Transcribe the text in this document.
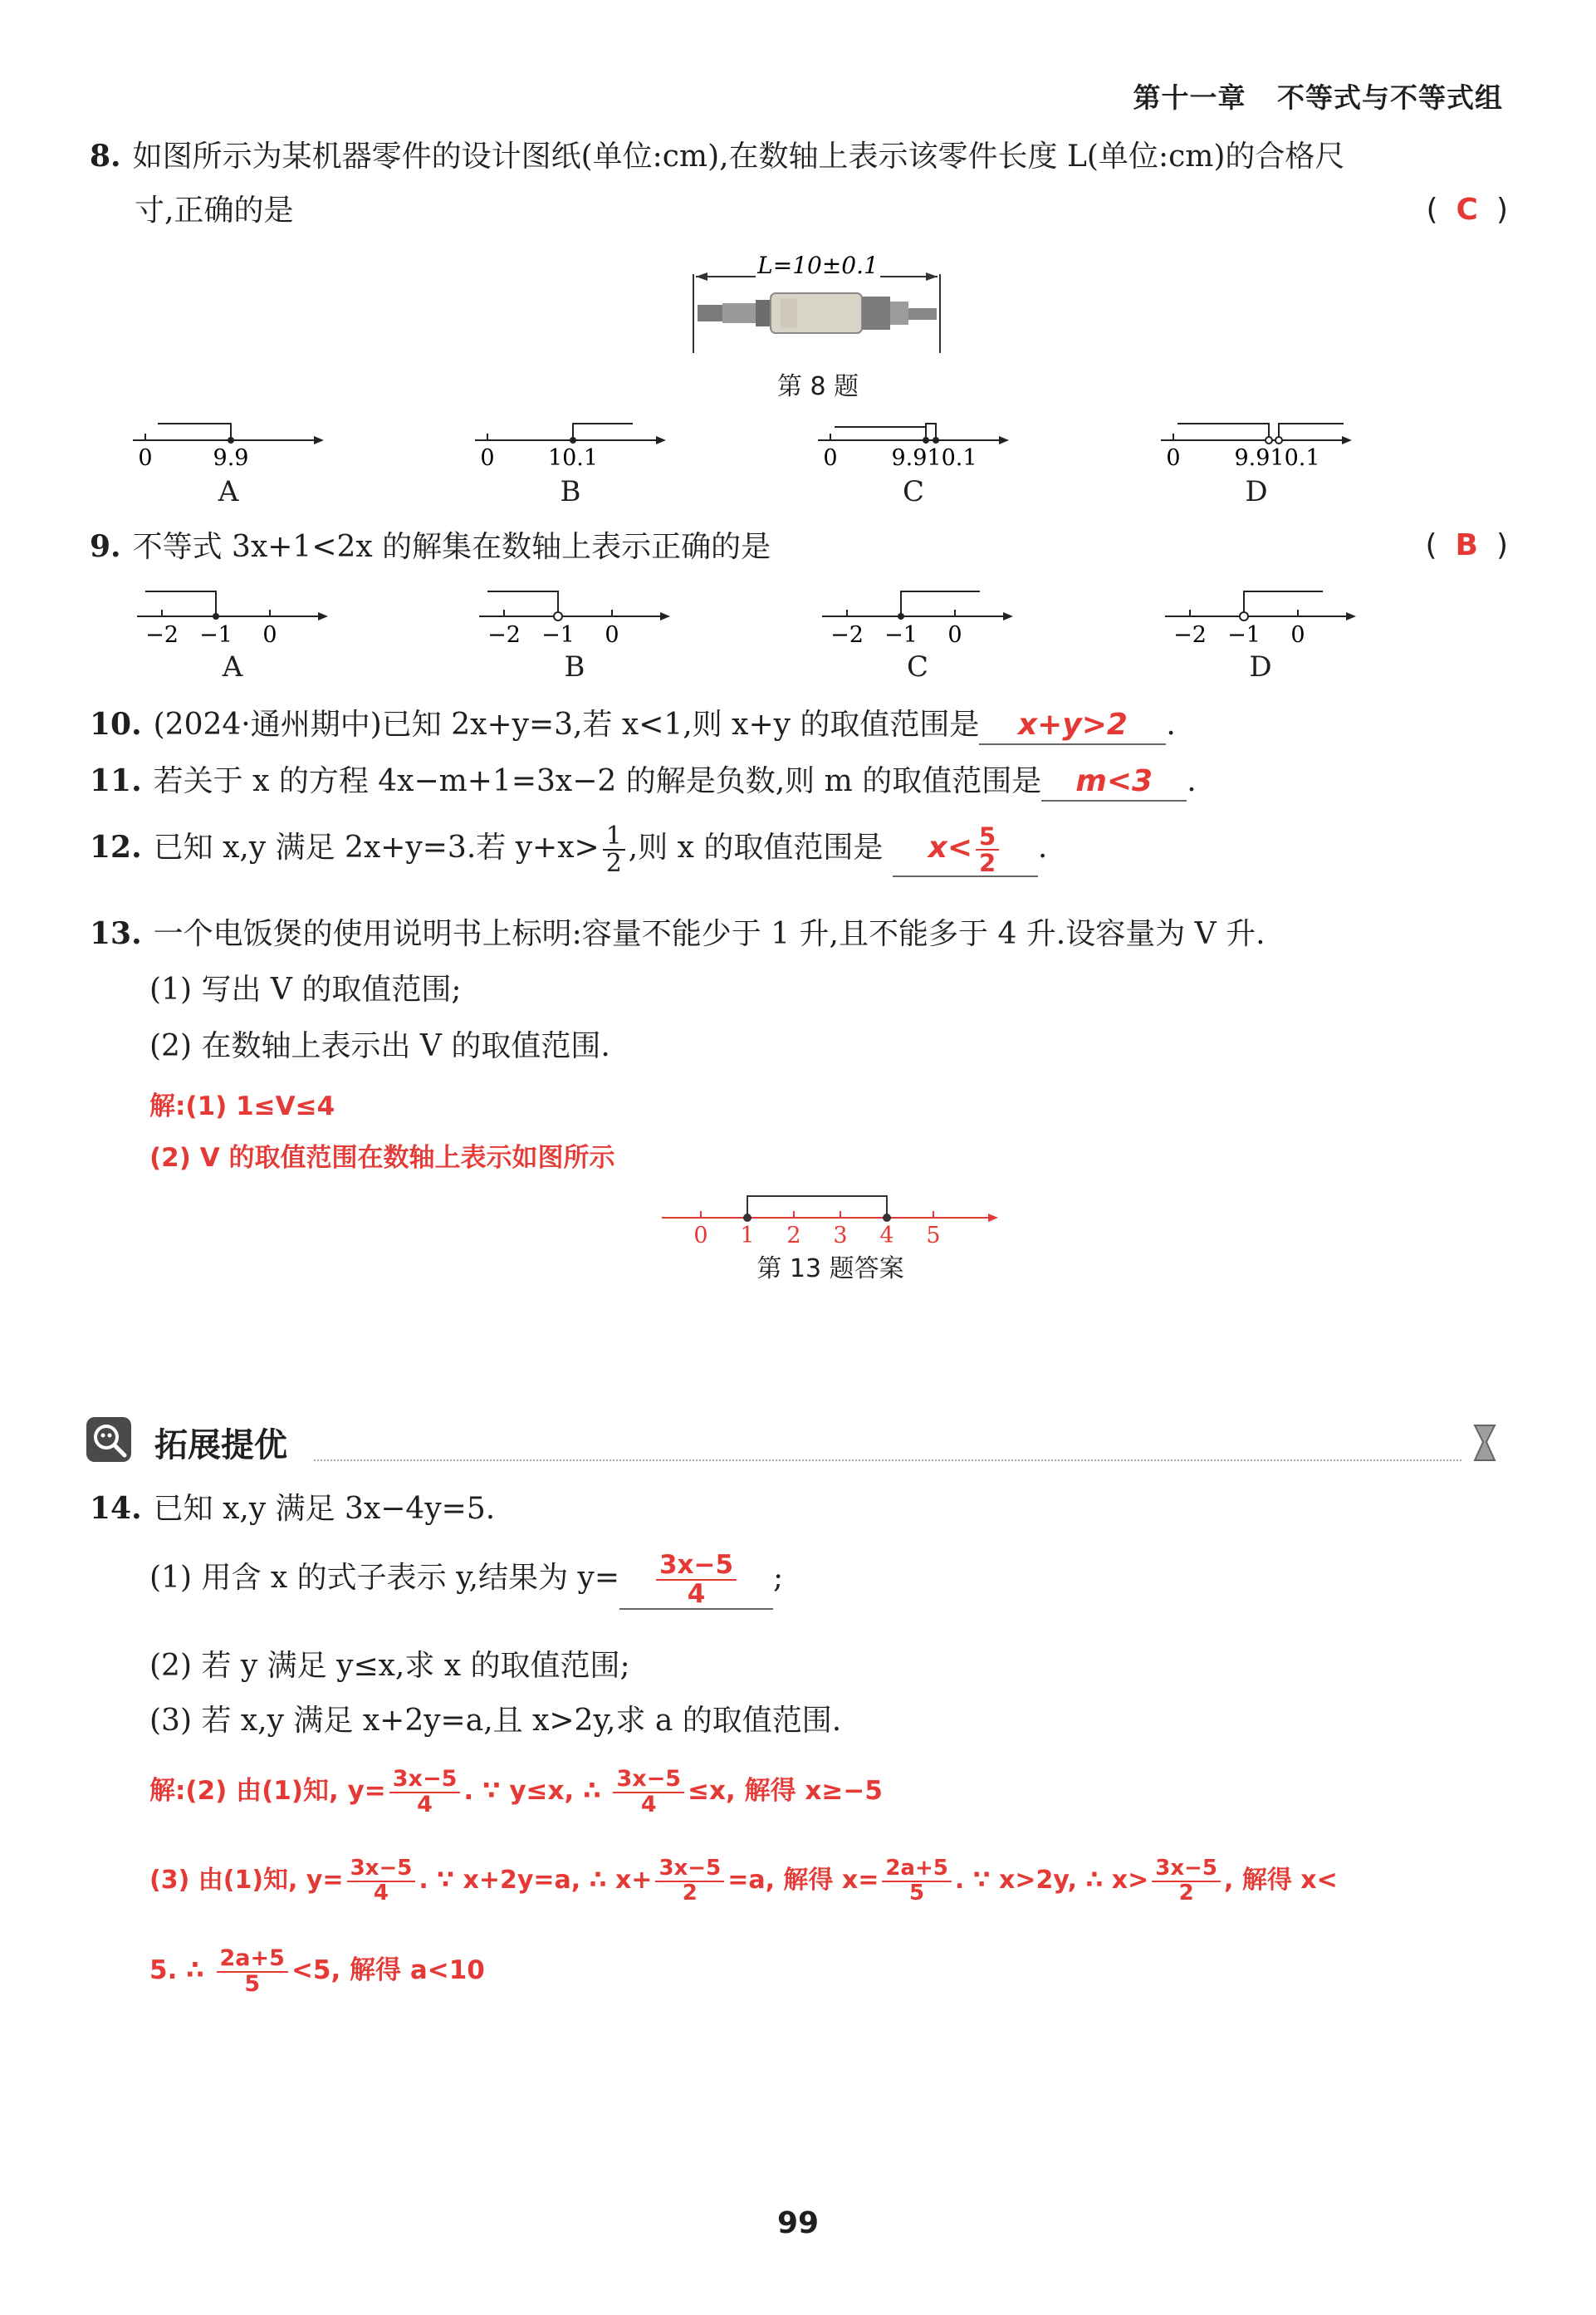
第十一章 不等式与不等式组
8. 如图所示为某机器零件的设计图纸(单位:cm),在数轴上表示该零件长度 L(单位:cm)的合格尺
寸,正确的是	( C )
L=10±0.1
第 8 题
0	9.9
A
0 10.1
B
0 9.910.1
C
0 9.910.1
D
9. 不等式 3x+1<2x 的解集在数轴上表示正确的是	( B )
−2 −1 0
A
−2 −1 0
B
−2 −1 0
C
−2 −1 0
D
10. (2024·通州期中)已知 2x+y=3,若 x<1,则 x+y 的取值范围是 x+y>2 .
11. 若关于 x 的方程 4x−m+1=3x−2 的解是负数,则 m 的取值范围是 m<3 .
12. 已知 x,y 满足 2x+y=3.若 $y+x> \frac{1}{2}$ ,则 x 的取值范围是 $x< \frac{5}{2}$ .
13. 一个电饭煲的使用说明书上标明:容量不能少于 1 升,且不能多于 4 升.设容量为 V 升.
(1) 写出 V 的取值范围;
(2) 在数轴上表示出 V 的取值范围.
解:(1) 1≤V≤4
(2) V 的取值范围在数轴上表示如图所示
0 1 2 3 4 5
第 13 题答案
拓展提优
14. 已知 x,y 满足 3x−4y=5.
(1) 用含 x 的式子表示 y,结果为 $y= \frac{3x-5}{4}$ ;
(2) 若 y 满足 y≤x,求 x 的取值范围;
(3) 若 x,y 满足 x+2y=a,且 x>2y,求 a 的取值范围.
解:(2) 由(1)知, $y= \frac{3x-5}{4}$ . ∵ y≤x, ∴ $\frac{3x-5}{4} \le x$, 解得 x≥−5
(3) 由(1)知, $y= \frac{3x-5}{4}$ . ∵ x+2y=a, ∴ $x+ \frac{3x-5}{2} =a$, 解得 $x= \frac{2a+5}{5}$ . ∵ x>2y, ∴ $x> \frac{3x-5}{2}$ , 解得 x<
5. ∴ $\frac{2a+5}{5} <5$, 解得 a<10
99
